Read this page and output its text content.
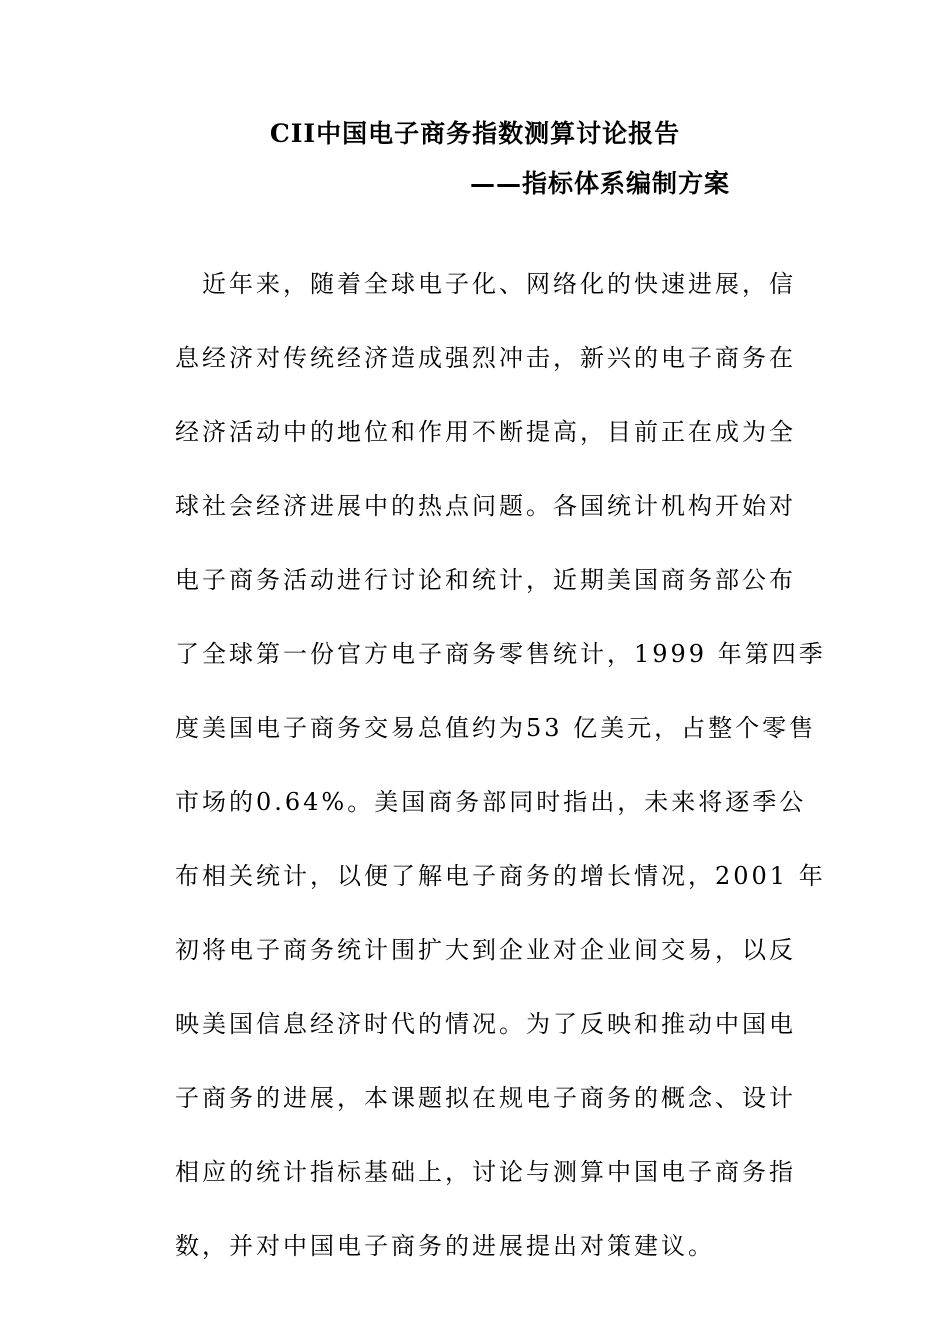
CII中国电子商务指数测算讨论报告
——指标体系编制方案
　近年来，随着全球电子化、网络化的快速进展，信
息经济对传统经济造成强烈冲击，新兴的电子商务在
经济活动中的地位和作用不断提高，目前正在成为全
球社会经济进展中的热点问题。各国统计机构开始对
电子商务活动进行讨论和统计，近期美国商务部公布
了全球第一份官方电子商务零售统计，1999 年第四季
度美国电子商务交易总值约为53 亿美元，占整个零售
市场的0.64%。美国商务部同时指出，未来将逐季公
布相关统计，以便了解电子商务的增长情况，2001 年
初将电子商务统计围扩大到企业对企业间交易，以反
映美国信息经济时代的情况。为了反映和推动中国电
子商务的进展，本课题拟在规电子商务的概念、设计
相应的统计指标基础上，讨论与测算中国电子商务指
数，并对中国电子商务的进展提出对策建议。
